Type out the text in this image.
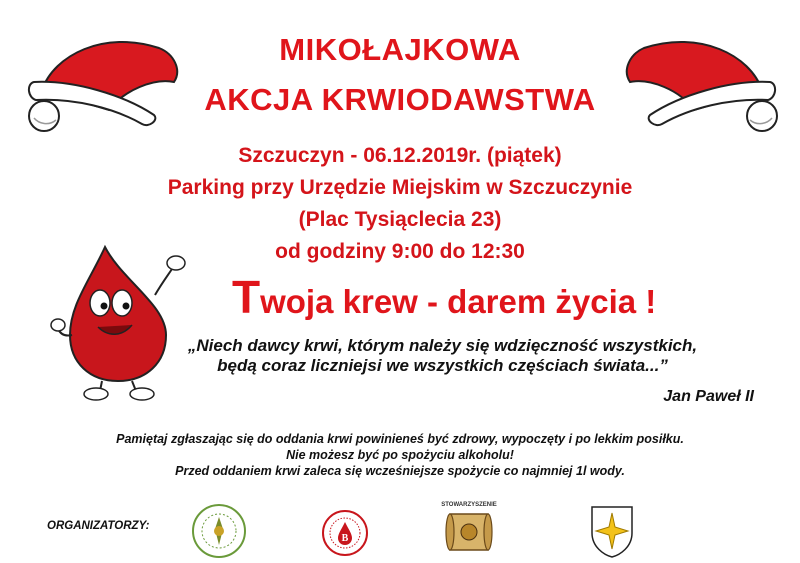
MIKOŁAJKOWA
AKCJA KRWIODAWSTWA
Szczuczyn - 06.12.2019r. (piątek)
Parking przy Urzędzie Miejskim w Szczuczynie
(Plac Tysiąclecia 23)
od godziny 9:00 do 12:30
Twoja krew - darem życia !
„Niech dawcy krwi, którym należy się wdzięczność wszystkich,
będą coraz liczniejsi we wszystkich częściach świata...”
Jan Paweł II
Pamiętaj zgłaszając się do oddania krwi powinieneś być zdrowy, wypoczęty i po lekkim posiłku.
Nie możesz być po spożyciu alkoholu!
Przed oddaniem krwi zaleca się wcześniejsze spożycie co najmniej 1l wody.
ORGANIZATORZY:
B
STOWARZYSZENIE
